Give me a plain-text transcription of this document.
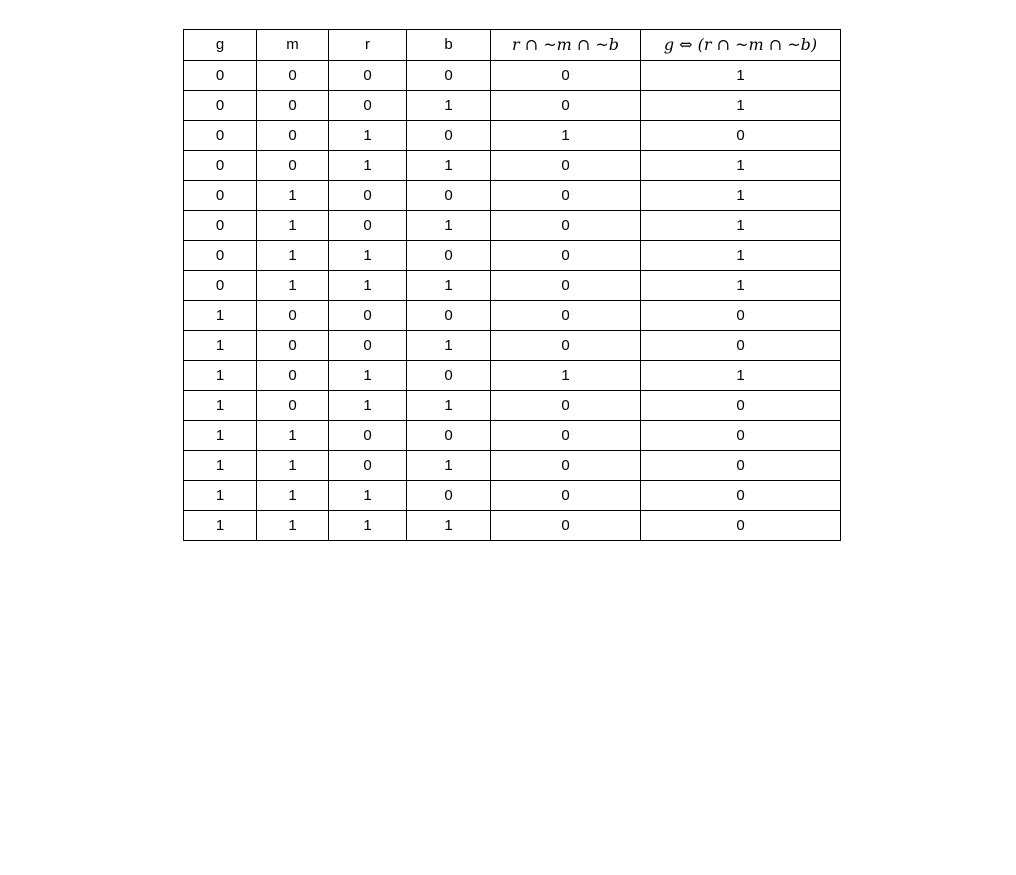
g	m	r	b	r ∩ ~m ∩ ~b	g ⇔ (r ∩ ~m ∩ ~b)
0	0	0	0	0	1
0	0	0	1	0	1
0	0	1	0	1	0
0	0	1	1	0	1
0	1	0	0	0	1
0	1	0	1	0	1
0	1	1	0	0	1
0	1	1	1	0	1
1	0	0	0	0	0
1	0	0	1	0	0
1	0	1	0	1	1
1	0	1	1	0	0
1	1	0	0	0	0
1	1	0	1	0	0
1	1	1	0	0	0
1	1	1	1	0	0
